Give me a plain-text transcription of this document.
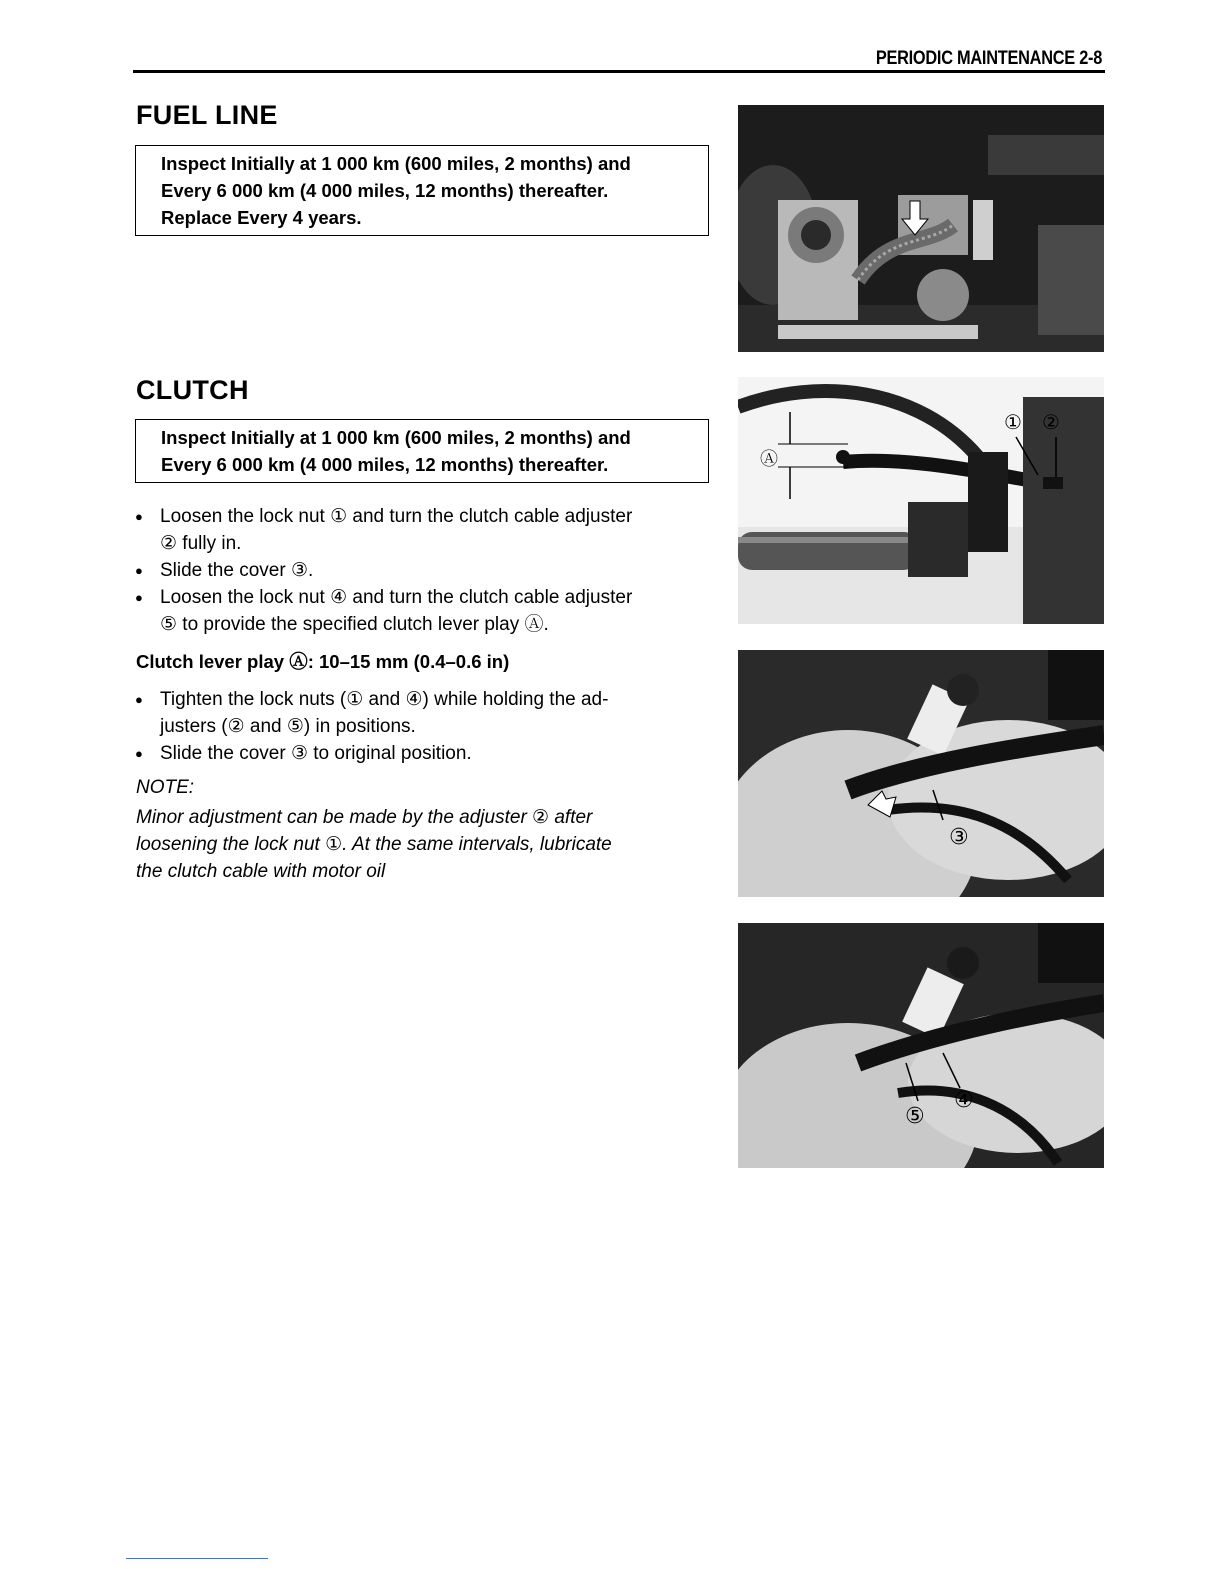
PERIODIC MAINTENANCE 2-8
FUEL LINE
Inspect Initially at 1 000 km (600 miles, 2 months) and
Every 6 000 km (4 000 miles, 12 months) thereafter.
Replace Every 4 years.
CLUTCH
Inspect Initially at 1 000 km (600 miles, 2 months) and
Every 6 000 km (4 000 miles, 12 months) thereafter.
● Loosen the lock nut ① and turn the clutch cable adjuster
② fully in.
● Slide the cover ③.
● Loosen the lock nut ④ and turn the clutch cable adjuster
⑤ to provide the specified clutch lever play Ⓐ.
Clutch lever play Ⓐ: 10–15 mm (0.4–0.6 in)
● Tighten the lock nuts (① and ④) while holding the ad-
justers (② and ⑤) in positions.
● Slide the cover ③ to original position.
NOTE:
Minor adjustment can be made by the adjuster ② after
loosening the lock nut ①. At the same intervals, lubricate
the clutch cable with motor oil
Ⓐ
① ②
③
⑤
④
